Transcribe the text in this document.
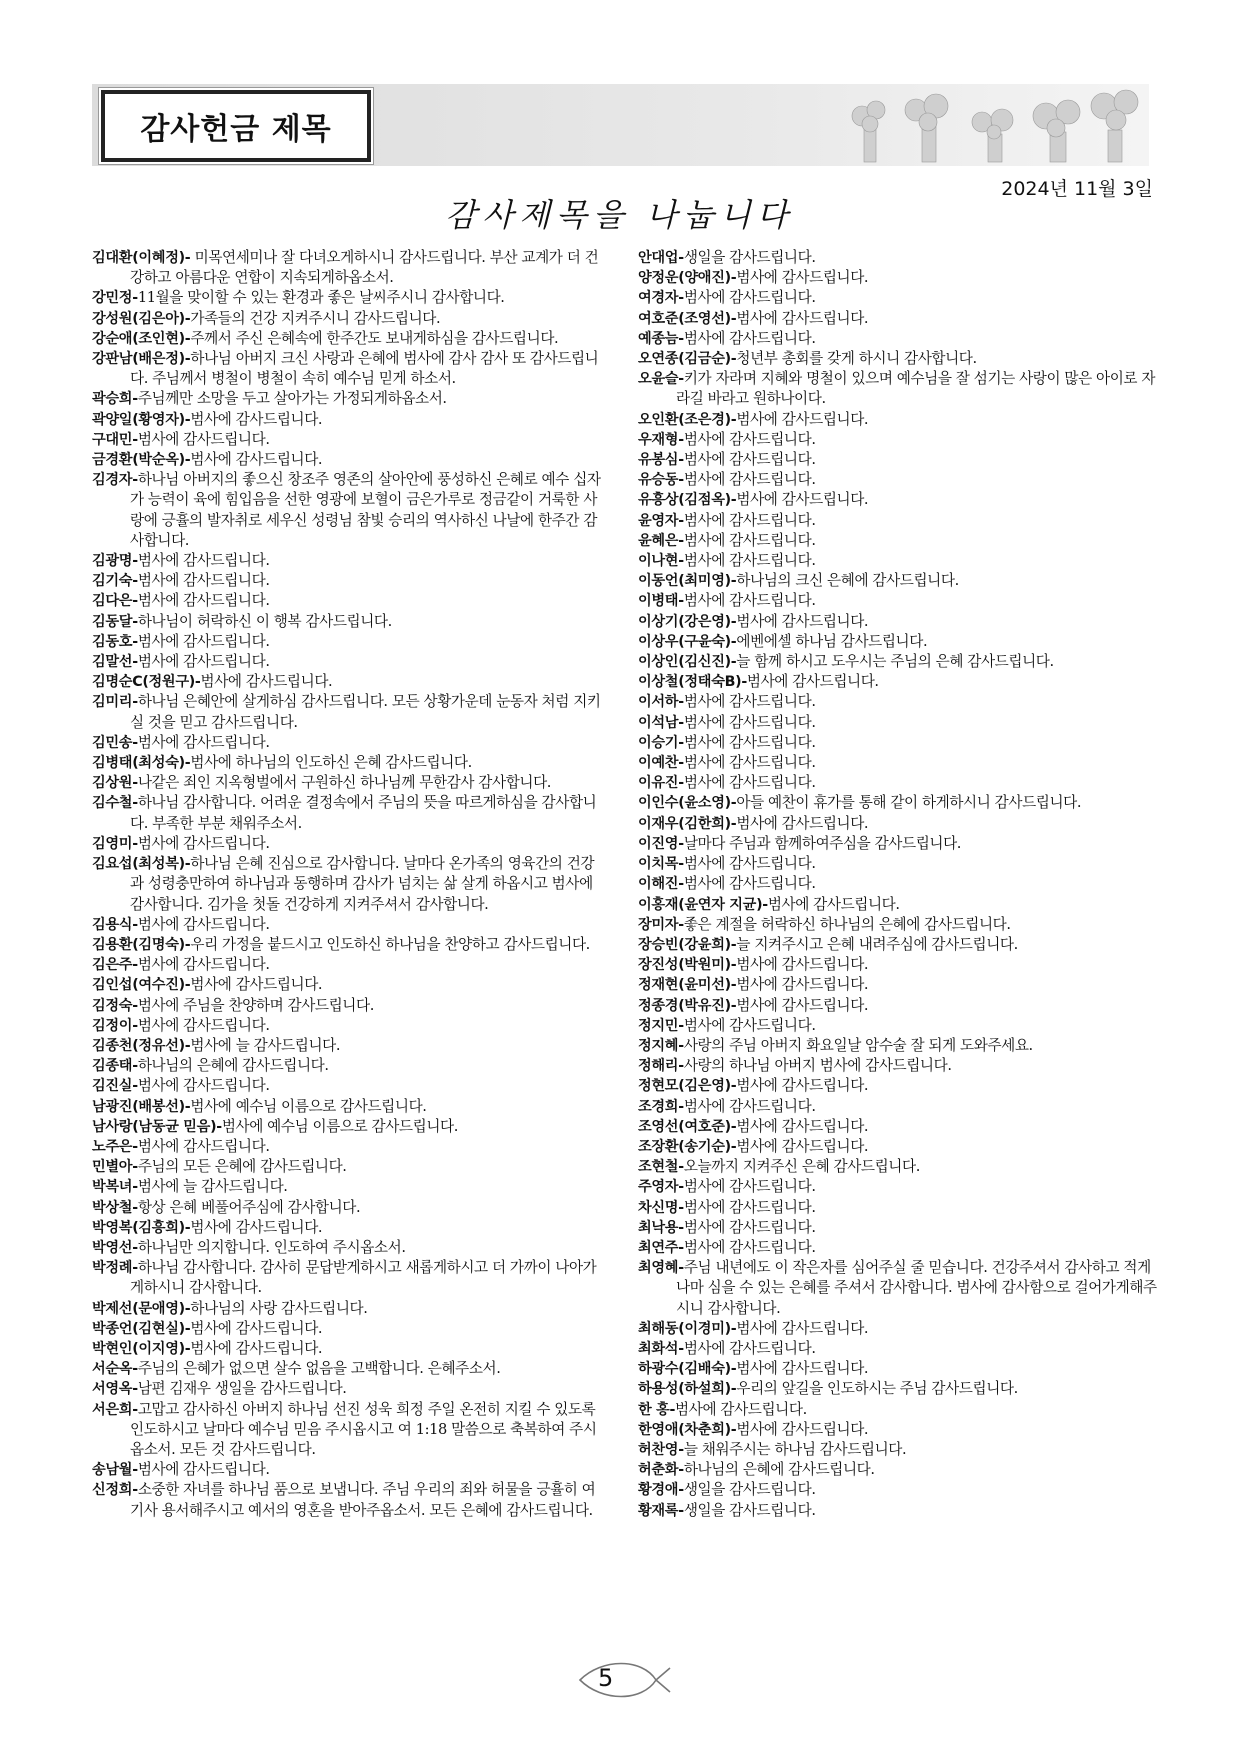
감사헌금 제목
2024년 11월 3일
감사제목을 나눕니다

김대환(이혜정)- 미목연세미나 잘 다녀오게하시니 감사드립니다. 부산 교계가 더 건강하고 아름다운 연합이 지속되게하옵소서.

강민정-11월을 맞이할 수 있는 환경과 좋은 날씨주시니 감사합니다.

강성원(김은아)-가족들의 건강 지켜주시니 감사드립니다.

강순애(조인현)-주께서 주신 은혜속에 한주간도 보내게하심을 감사드립니다.

강판남(배은정)-하나님 아버지 크신 사랑과 은혜에 범사에 감사 감사 또 감사드립니다. 주님께서 병철이 병철이 속히 예수님 믿게 하소서.

곽승희-주님께만 소망을 두고 살아가는 가정되게하옵소서.

곽양일(황영자)-범사에 감사드립니다.

구대민-범사에 감사드립니다.

금경환(박순옥)-범사에 감사드립니다.

김경자-하나님 아버지의 좋으신 창조주 영존의 살아안에 풍성하신 은혜로 예수 십자가 능력이 육에 힘입음을 선한 영광에 보혈이 금은가루로 정금같이 거룩한 사랑에 긍휼의 발자취로 세우신 성령님 참빛 승리의 역사하신 나날에 한주간 감사합니다.

김광명-범사에 감사드립니다.

김기숙-범사에 감사드립니다.

김다은-범사에 감사드립니다.

김동달-하나님이 허락하신 이 행복 감사드립니다.

김동호-범사에 감사드립니다.

김말선-범사에 감사드립니다.

김명순C(정원구)-범사에 감사드립니다.

김미리-하나님 은혜안에 살게하심 감사드립니다. 모든 상황가운데 눈동자 처럼 지키실 것을 믿고 감사드립니다.

김민송-범사에 감사드립니다.

김병태(최성숙)-범사에 하나님의 인도하신 은혜 감사드립니다.

김상원-나같은 죄인 지옥형벌에서 구원하신 하나님께 무한감사 감사합니다.

김수철-하나님 감사합니다. 어려운 결정속에서 주님의 뜻을 따르게하심을 감사합니다. 부족한 부분 채워주소서.

김영미-범사에 감사드립니다.

김요섭(최성복)-하나님 은혜 진심으로 감사합니다. 날마다 온가족의 영육간의 건강과 성령충만하여 하나님과 동행하며 감사가 넘치는 삶 살게 하옵시고 범사에 감사합니다. 김가을 첫돌 건강하게 지켜주셔서 감사합니다.

김용식-범사에 감사드립니다.

김용환(김명숙)-우리 가정을 붙드시고 인도하신 하나님을 찬양하고 감사드립니다.

김은주-범사에 감사드립니다.

김인섭(여수진)-범사에 감사드립니다.

김정숙-범사에 주님을 찬양하며 감사드립니다.

김정이-범사에 감사드립니다.

김종천(정유선)-범사에 늘 감사드립니다.

김종태-하나님의 은혜에 감사드립니다.

김진실-범사에 감사드립니다.

남광진(배봉선)-범사에 예수님 이름으로 감사드립니다.

남사랑(남동균 믿음)-범사에 예수님 이름으로 감사드립니다.

노주은-범사에 감사드립니다.

민별아-주님의 모든 은혜에 감사드립니다.

박복녀-범사에 늘 감사드립니다.

박상철-항상 은혜 베풀어주심에 감사합니다.

박영복(김흥희)-범사에 감사드립니다.

박영선-하나님만 의지합니다. 인도하여 주시옵소서.

박정례-하나님 감사합니다. 감사히 문답받게하시고 새롭게하시고 더 가까이 나아가게하시니 감사합니다.

박제선(문애영)-하나님의 사랑 감사드립니다.

박종언(김현실)-범사에 감사드립니다.

박현인(이지영)-범사에 감사드립니다.

서순옥-주님의 은혜가 없으면 살수 없음을 고백합니다. 은혜주소서.

서영옥-남편 김재우 생일을 감사드립니다.

서은희-고맙고 감사하신 아버지 하나님 선진 성욱 희정 주일 온전히 지킬 수 있도록 인도하시고 날마다 예수님 믿음 주시옵시고 여 1:18 말씀으로 축복하여 주시옵소서. 모든 것 감사드립니다.

송남월-범사에 감사드립니다.

신정희-소중한 자녀를 하나님 품으로 보냅니다. 주님 우리의 죄와 허물을 긍휼히 여기사 용서해주시고 예서의 영혼을 받아주옵소서. 모든 은혜에 감사드립니다.

안대업-생일을 감사드립니다.

양정운(양애진)-범사에 감사드립니다.

여경자-범사에 감사드립니다.

여호준(조영선)-범사에 감사드립니다.

예종늠-범사에 감사드립니다.

오연종(김금순)-청년부 총회를 갖게 하시니 감사합니다.

오윤슬-키가 자라며 지혜와 명철이 있으며 예수님을 잘 섬기는 사랑이 많은 아이로 자라길 바라고 원하나이다.

오인환(조은경)-범사에 감사드립니다.

우재형-범사에 감사드립니다.

유봉심-범사에 감사드립니다.

유승동-범사에 감사드립니다.

유흥상(김점옥)-범사에 감사드립니다.

윤영자-범사에 감사드립니다.

윤혜은-범사에 감사드립니다.

이나현-범사에 감사드립니다.

이동언(최미영)-하나님의 크신 은혜에 감사드립니다.

이병태-범사에 감사드립니다.

이상기(강은영)-범사에 감사드립니다.

이상우(구윤숙)-에벤에셀 하나님 감사드립니다.

이상인(김신진)-늘 함께 하시고 도우시는 주님의 은혜 감사드립니다.

이상철(정태숙B)-범사에 감사드립니다.

이서하-범사에 감사드립니다.

이석남-범사에 감사드립니다.

이승기-범사에 감사드립니다.

이예찬-범사에 감사드립니다.

이유진-범사에 감사드립니다.

이인수(윤소영)-아들 예찬이 휴가를 통해 같이 하게하시니 감사드립니다.

이재우(김한희)-범사에 감사드립니다.

이진영-날마다 주님과 함께하여주심을 감사드립니다.

이치목-범사에 감사드립니다.

이해진-범사에 감사드립니다.

이홍재(윤연자 지균)-범사에 감사드립니다.

장미자-좋은 계절을 허락하신 하나님의 은혜에 감사드립니다.

장승빈(강윤희)-늘 지켜주시고 은혜 내려주심에 감사드립니다.

장진성(박원미)-범사에 감사드립니다.

정재현(윤미선)-범사에 감사드립니다.

정종경(박유진)-범사에 감사드립니다.

정지민-범사에 감사드립니다.

정지혜-사랑의 주님 아버지 화요일날 암수술 잘 되게 도와주세요.

정해리-사랑의 하나님 아버지 범사에 감사드립니다.

정현모(김은영)-범사에 감사드립니다.

조경희-범사에 감사드립니다.

조영선(여호준)-범사에 감사드립니다.

조장환(송기순)-범사에 감사드립니다.

조현철-오늘까지 지켜주신 은혜 감사드립니다.

주영자-범사에 감사드립니다.

차신명-범사에 감사드립니다.

최낙용-범사에 감사드립니다.

최연주-범사에 감사드립니다.

최영혜-주님 내년에도 이 작은자를 심어주실 줄 믿습니다. 건강주셔서 감사하고 적게나마 심을 수 있는 은혜를 주셔서 감사합니다. 범사에 감사함으로 걸어가게해주시니 감사합니다.

최해동(이경미)-범사에 감사드립니다.

최화석-범사에 감사드립니다.

하광수(김배숙)-범사에 감사드립니다.

하용성(하설희)-우리의 앞길을 인도하시는 주님 감사드립니다.

한 홍-범사에 감사드립니다.

한영애(차춘희)-범사에 감사드립니다.

허찬영-늘 채워주시는 하나님 감사드립니다.

허춘화-하나님의 은혜에 감사드립니다.

황경애-생일을 감사드립니다.

황재록-생일을 감사드립니다.

5
